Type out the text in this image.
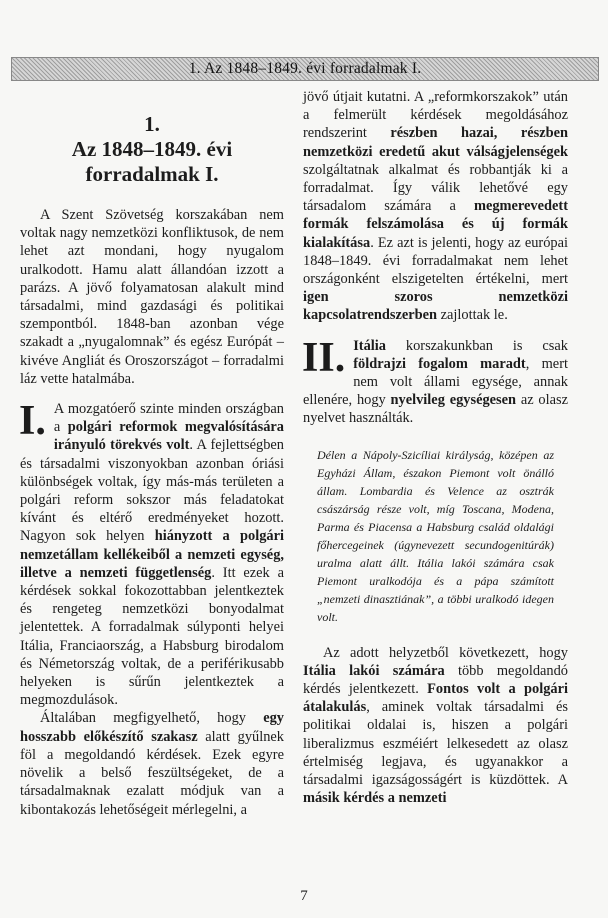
1. Az 1848–1849. évi forradalmak I.
1.
Az 1848–1849. évi forradalmak I.

A Szent Szövetség korszakában nem voltak nagy nemzetközi konfliktusok, de nem lehet azt mondani, hogy nyugalom uralkodott. Hamu alatt állandóan izzott a parázs. A jövő folyamatosan alakult mind társadalmi, mind gazdasági és politikai szempontból. 1848-ban azonban vége szakadt a „nyugalomnak” és egész Európát – kivéve Angliát és Oroszországot – forradalmi láz vette hatalmába.

I. A mozgatóerő szinte minden országban a polgári reformok megvalósítására irányuló törekvés volt. A fejlettségben és társadalmi viszonyokban azonban óriási különbségek voltak, így más-más területen a polgári reform sokszor más feladatokat kívánt és eltérő eredményeket hozott. Nagyon sok helyen hiányzott a polgári nemzetállam kellékeiből a nemzeti egység, illetve a nemzeti függetlenség. Itt ezek a kérdések sokkal fokozottabban jelentkeztek és rengeteg nemzetközi bonyodalmat jelentettek. A forradalmak súlyponti helyei Itália, Franciaország, a Habsburg birodalom és Németország voltak, de a periférikusabb helyeken is sűrűn jelentkeztek a megmozdulások.

Általában megfigyelhető, hogy egy hosszabb előkészítő szakasz alatt gyűlnek föl a megoldandó kérdések. Ezek egyre növelik a belső feszültségeket, de a társadalmaknak ezalatt módjuk van a kibontakozás lehetőségeit mérlegelni, a

jövő útjait kutatni. A „reformkorszakok” után a felmerült kérdések megoldásához rendszerint részben hazai, részben nemzetközi eredetű akut válságjelenségek szolgáltatnak alkalmat és robbantják ki a forradalmat. Így válik lehetővé egy társadalom számára a megmerevedett formák felszámolása és új formák kialakítása. Ez azt is jelenti, hogy az európai 1848–1849. évi forradalmakat nem lehet országonként elszigetelten értékelni, mert igen szoros nemzetközi kapcsolatrendszerben zajlottak le.

II. Itália korszakunkban is csak földrajzi fogalom maradt, mert nem volt állami egysége, annak ellenére, hogy nyelvileg egységesen az olasz nyelvet használták.

Délen a Nápoly-Szicíliai királyság, középen az Egyházi Állam, északon Piemont volt önálló állam. Lombardia és Velence az osztrák császárság része volt, míg Toscana, Modena, Parma és Piacensa a Habsburg család oldalági főhercegeinek (úgynevezett secundogenitúrák) uralma alatt állt. Itália lakói számára csak Piemont uralkodója és a pápa számított „nemzeti dinasztiának”, a többi uralkodó idegen volt.

Az adott helyzetből következett, hogy Itália lakói számára több megoldandó kérdés jelentkezett. Fontos volt a polgári átalakulás, aminek voltak társadalmi és politikai oldalai is, hiszen a polgári liberalizmus eszméiért lelkesedett az olasz értelmiség legjava, és ugyanakkor a társadalmi igazságosságért is küzdöttek. A másik kérdés a nemzeti

7
